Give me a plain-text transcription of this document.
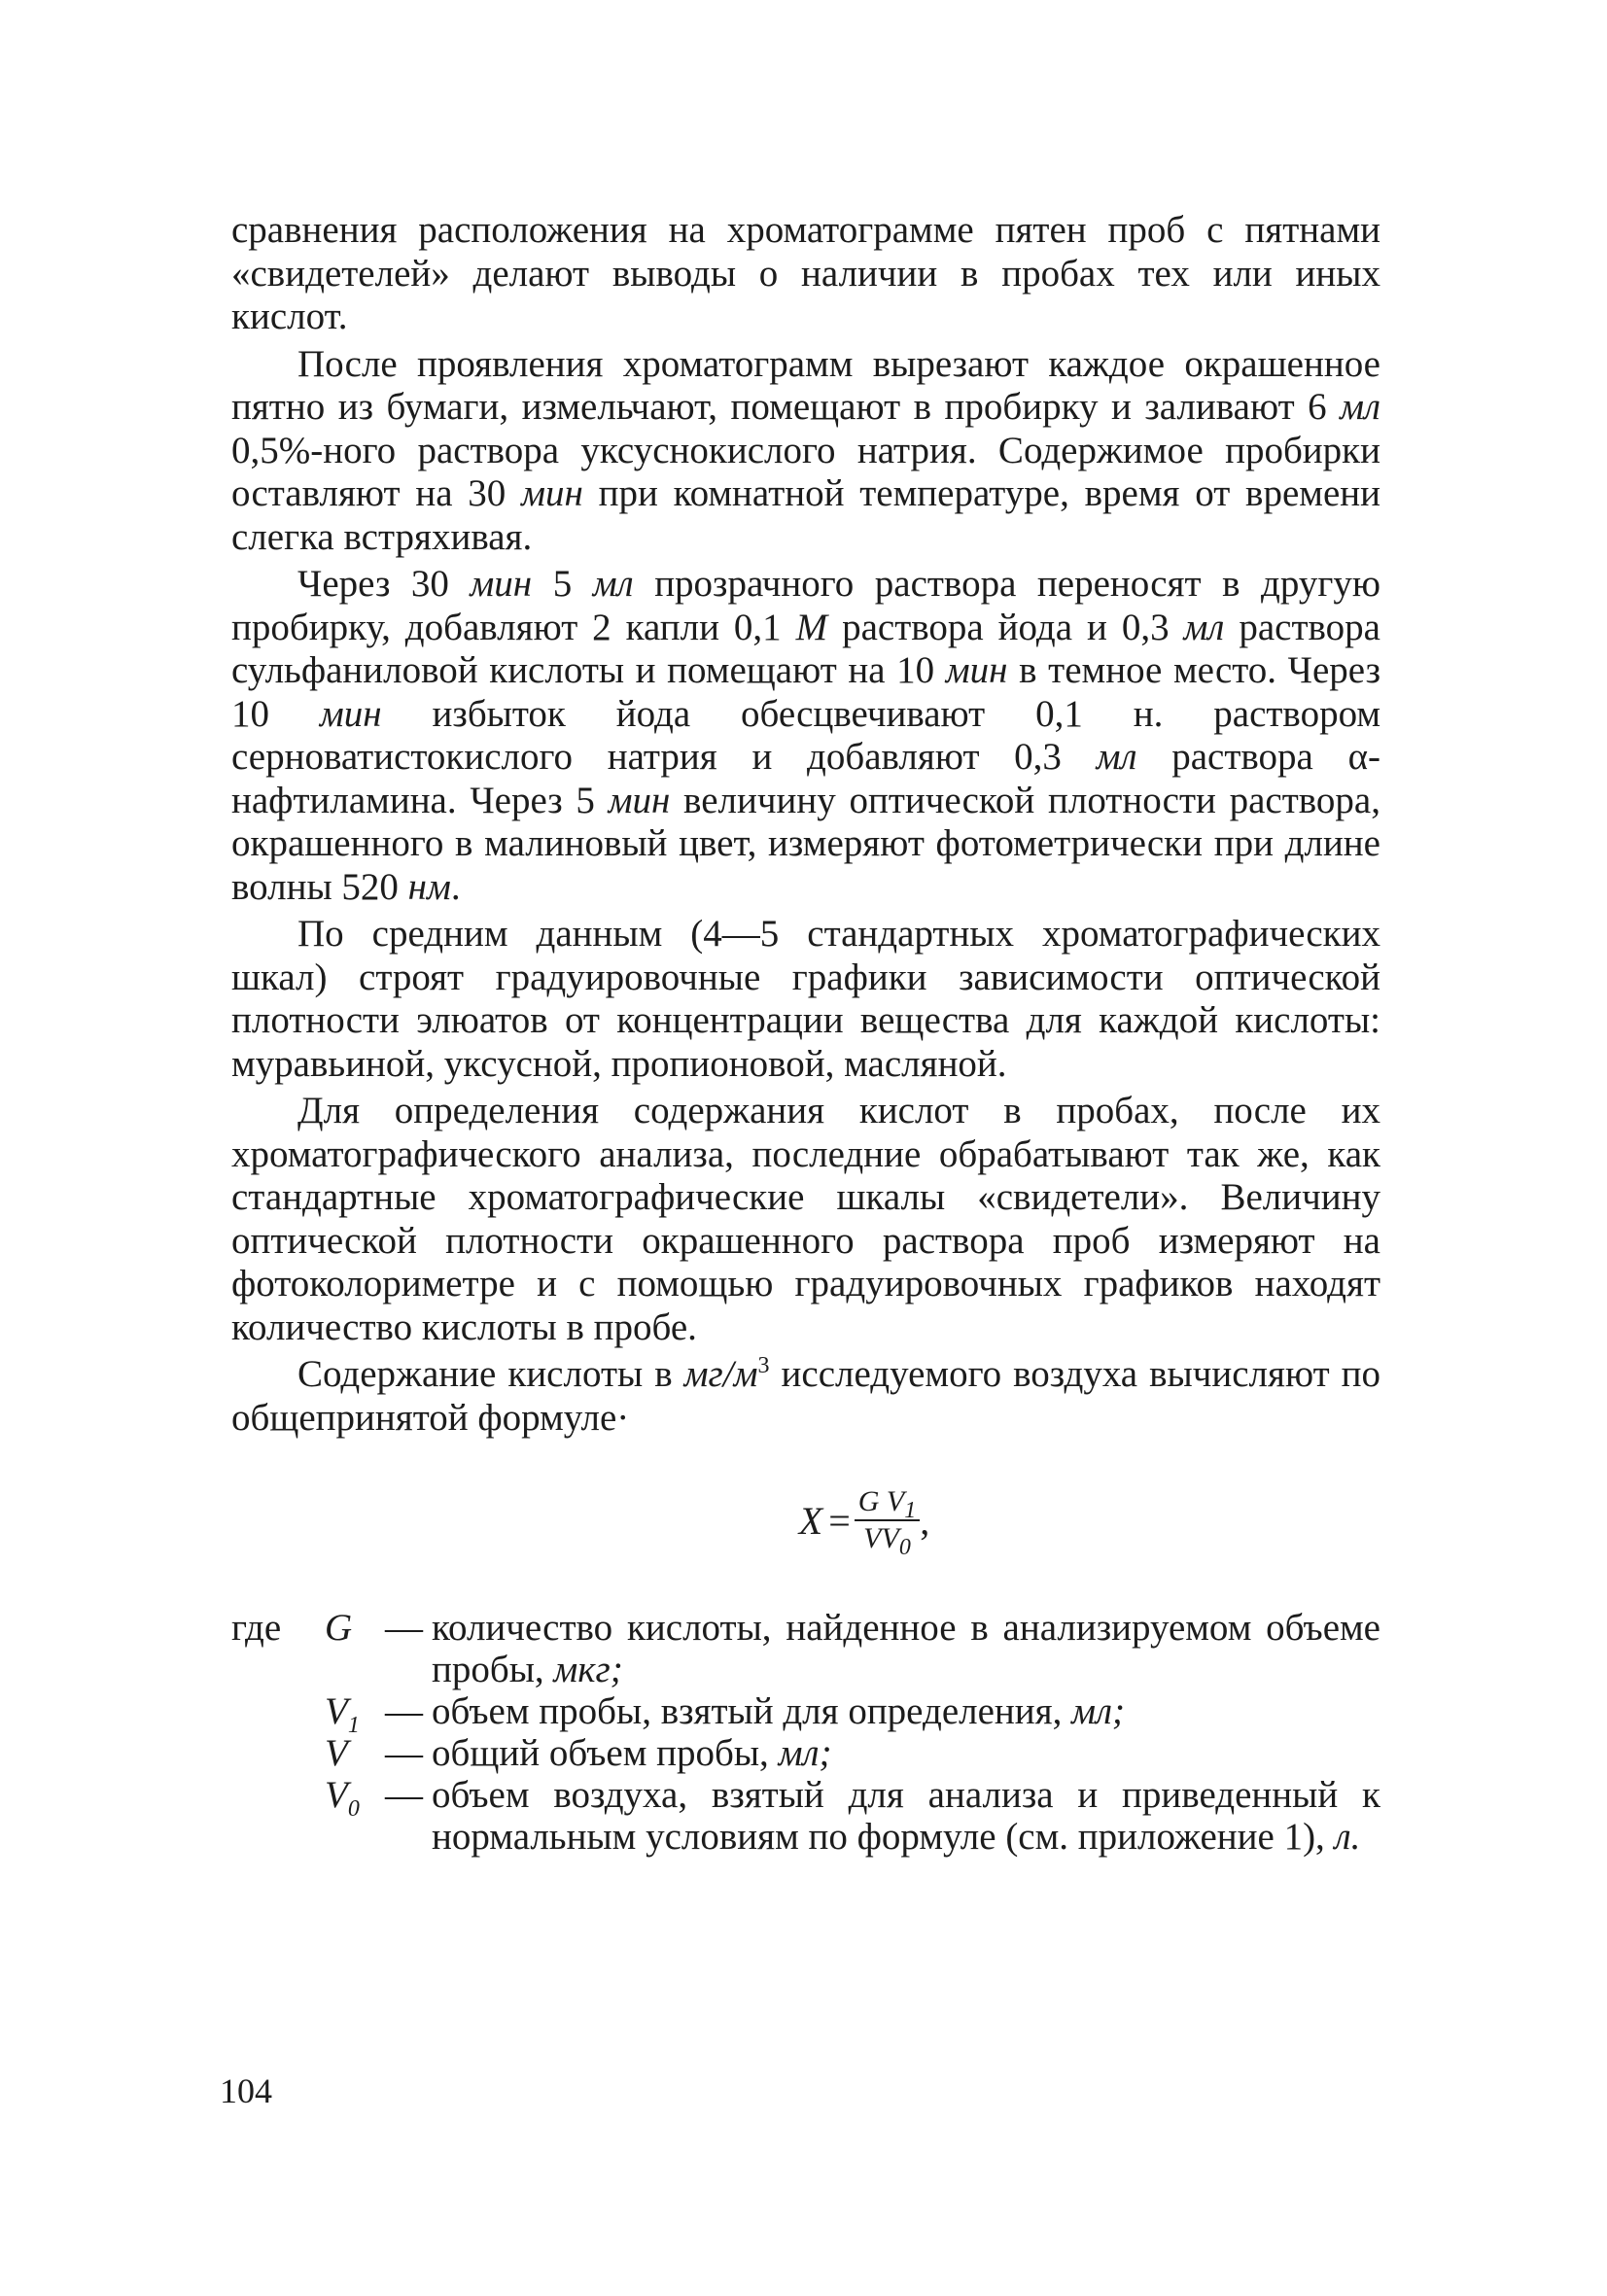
сравнения расположения на хроматограмме пятен проб с пятнами «свидетелей» делают выводы о наличии в пробах тех или иных кислот.

После проявления хроматограмм вырезают каждое окрашенное пятно из бумаги, измельчают, помещают в пробирку и заливают 6 мл 0,5%-ного раствора уксуснокислого натрия. Содержимое пробирки оставляют на 30 мин при комнатной температуре, время от времени слегка встряхивая.

Через 30 мин 5 мл прозрачного раствора переносят в другую пробирку, добавляют 2 капли 0,1 М раствора йода и 0,3 мл раствора сульфаниловой кислоты и помещают на 10 мин в темное место. Через 10 мин избыток йода обесцвечивают 0,1 н. раствором серноватистокислого натрия и добавляют 0,3 мл раствора α-нафтиламина. Через 5 мин величину оптической плотности раствора, окрашенного в малиновый цвет, измеряют фотометрически при длине волны 520 нм.

По средним данным (4—5 стандартных хроматографических шкал) строят градуировочные графики зависимости оптической плотности элюатов от концентрации вещества для каждой кислоты: муравьиной, уксусной, пропионовой, масляной.

Для определения содержания кислот в пробах, после их хроматографического анализа, последние обрабатывают так же, как стандартные хроматографические шкалы «свидетели». Величину оптической плотности окрашенного раствора проб измеряют на фотоколориметре и с помощью градуировочных графиков находят количество кислоты в пробе.

Содержание кислоты в $мг/м^3$ исследуемого воздуха вычисляют по общепринятой формуле·

$X = \frac{G V_1}{VV_0}$ ,
где	G — количество кислоты, найденное в анализируемом объеме пробы, мкг;
$V_1$ — объем пробы, взятый для определения, мл;
V — общий объем пробы, мл;
$V_0$ — объем воздуха, взятый для анализа и приведенный к нормальным условиям по формуле (см. приложение 1), л.
104
